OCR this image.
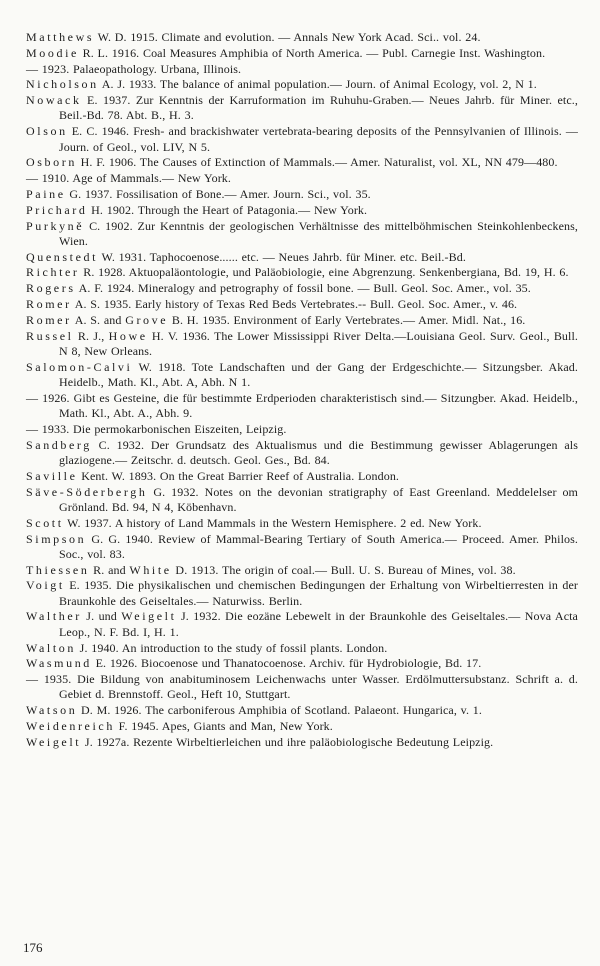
Matthews W. D. 1915. Climate and evolution. — Annals New York Acad. Sci.. vol. 24.

Moodie R. L. 1916. Coal Measures Amphibia of North America. — Publ. Carnegie Inst. Washington.

— 1923. Palaeopathology. Urbana, Illinois.

Nicholson A. J. 1933. The balance of animal population.— Journ. of Animal Ecology, vol. 2, N 1.

Nowack E. 1937. Zur Kenntnis der Karruformation im Ruhuhu-Graben.— Neues Jahrb. für Miner. etc., Beil.-Bd. 78. Abt. B., H. 3.

Olson E. C. 1946. Fresh- and brackishwater vertebrata-bearing deposits of the Pennsylvanien of Illinois. — Journ. of Geol., vol. LIV, N 5.

Osborn H. F. 1906. The Causes of Extinction of Mammals.— Amer. Naturalist, vol. XL, NN 479—480.

— 1910. Age of Mammals.— New York.

Paine G. 1937. Fossilisation of Bone.— Amer. Journ. Sci., vol. 35.

Prichard H. 1902. Through the Heart of Patagonia.— New York.

Purkyně C. 1902. Zur Kenntnis der geologischen Verhältnisse des mittelböhmischen Steinkohlenbeckens, Wien.

Quenstedt W. 1931. Taphocoenose...... etc. — Neues Jahrb. für Miner. etc. Beil.-Bd.

Richter R. 1928. Aktuopaläontologie, und Paläobiologie, eine Abgrenzung. Senkenbergiana, Bd. 19, H. 6.

Rogers A. F. 1924. Mineralogy and petrography of fossil bone. — Bull. Geol. Soc. Amer., vol. 35.

Romer A. S. 1935. Early history of Texas Red Beds Vertebrates.-- Bull. Geol. Soc. Amer., v. 46.

Romer A. S. and Grove B. H. 1935. Environment of Early Vertebrates.— Amer. Midl. Nat., 16.

Russel R. J., Howe H. V. 1936. The Lower Mississippi River Delta.—Louisiana Geol. Surv. Geol., Bull. N 8, New Orleans.

Salomon-Calvi W. 1918. Tote Landschaften und der Gang der Erdgeschichte.— Sitzungsber. Akad. Heidelb., Math. Kl., Abt. A, Abh. N 1.

— 1926. Gibt es Gesteine, die für bestimmte Erdperioden charakteristisch sind.— Sitzungber. Akad. Heidelb., Math. Kl., Abt. A., Abh. 9.

— 1933. Die permokarbonischen Eiszeiten, Leipzig.

Sandberg C. 1932. Der Grundsatz des Aktualismus und die Bestimmung gewisser Ablagerungen als glaziogene.— Zeitschr. d. deutsch. Geol. Ges., Bd. 84.

Saville Kent. W. 1893. On the Great Barrier Reef of Australia. London.

Säve-Söderbergh G. 1932. Notes on the devonian stratigraphy of East Greenland. Meddelelser om Grönland. Bd. 94, N 4, Köbenhavn.

Scott W. 1937. A history of Land Mammals in the Western Hemisphere. 2 ed. New York.

Simpson G. G. 1940. Review of Mammal-Bearing Tertiary of South America.— Proceed. Amer. Philos. Soc., vol. 83.

Thiessen R. and White D. 1913. The origin of coal.— Bull. U. S. Bureau of Mines, vol. 38.

Voigt E. 1935. Die physikalischen und chemischen Bedingungen der Erhaltung von Wirbeltierresten in der Braunkohle des Geiseltales.— Naturwiss. Berlin.

Walther J. und Weigelt J. 1932. Die eozäne Lebewelt in der Braunkohle des Geiseltales.— Nova Acta Leop., N. F. Bd. I, H. 1.

Walton J. 1940. An introduction to the study of fossil plants. London.

Wasmund E. 1926. Biocoenose und Thanatocoenose. Archiv. für Hydrobiologie, Bd. 17.

— 1935. Die Bildung von anabituminosem Leichenwachs unter Wasser. Erdölmuttersubstanz. Schrift a. d. Gebiet d. Brennstoff. Geol., Heft 10, Stuttgart.

Watson D. M. 1926. The carboniferous Amphibia of Scotland. Palaeont. Hungarica, v. 1.

Weidenreich F. 1945. Apes, Giants and Man, New York.

Weigelt J. 1927a. Rezente Wirbeltierleichen und ihre paläobiologische Bedeutung Leipzig.

176
